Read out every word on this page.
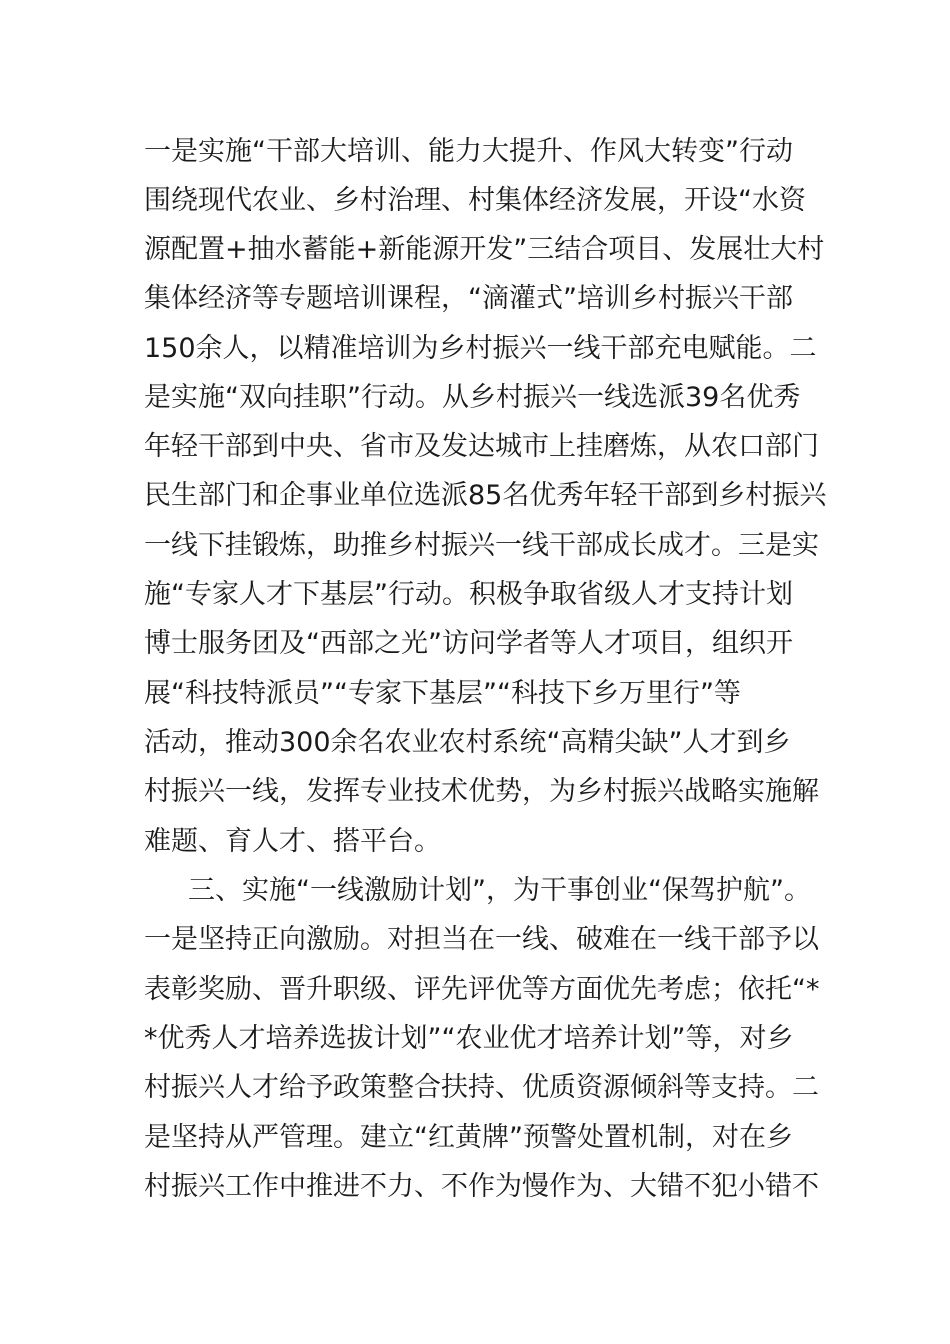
一是实施“干部大培训、能力大提升、作风大转变”行动
围绕现代农业、乡村治理、村集体经济发展，开设“水资
源配置+抽水蓄能+新能源开发”三结合项目、发展壮大村
集体经济等专题培训课程，“滴灌式”培训乡村振兴干部
150余人，以精准培训为乡村振兴一线干部充电赋能。二
是实施“双向挂职”行动。从乡村振兴一线选派39名优秀
年轻干部到中央、省市及发达城市上挂磨炼，从农口部门
民生部门和企事业单位选派85名优秀年轻干部到乡村振兴
一线下挂锻炼，助推乡村振兴一线干部成长成才。三是实
施“专家人才下基层”行动。积极争取省级人才支持计划
博士服务团及“西部之光”访问学者等人才项目，组织开
展“科技特派员”“专家下基层”“科技下乡万里行”等
活动，推动300余名农业农村系统“高精尖缺”人才到乡
村振兴一线，发挥专业技术优势，为乡村振兴战略实施解
难题、育人才、搭平台。
三、实施“一线激励计划”，为干事创业“保驾护航”。
一是坚持正向激励。对担当在一线、破难在一线干部予以
表彰奖励、晋升职级、评先评优等方面优先考虑；依托“*
*优秀人才培养选拔计划”“农业优才培养计划”等，对乡
村振兴人才给予政策整合扶持、优质资源倾斜等支持。二
是坚持从严管理。建立“红黄牌”预警处置机制，对在乡
村振兴工作中推进不力、不作为慢作为、大错不犯小错不
